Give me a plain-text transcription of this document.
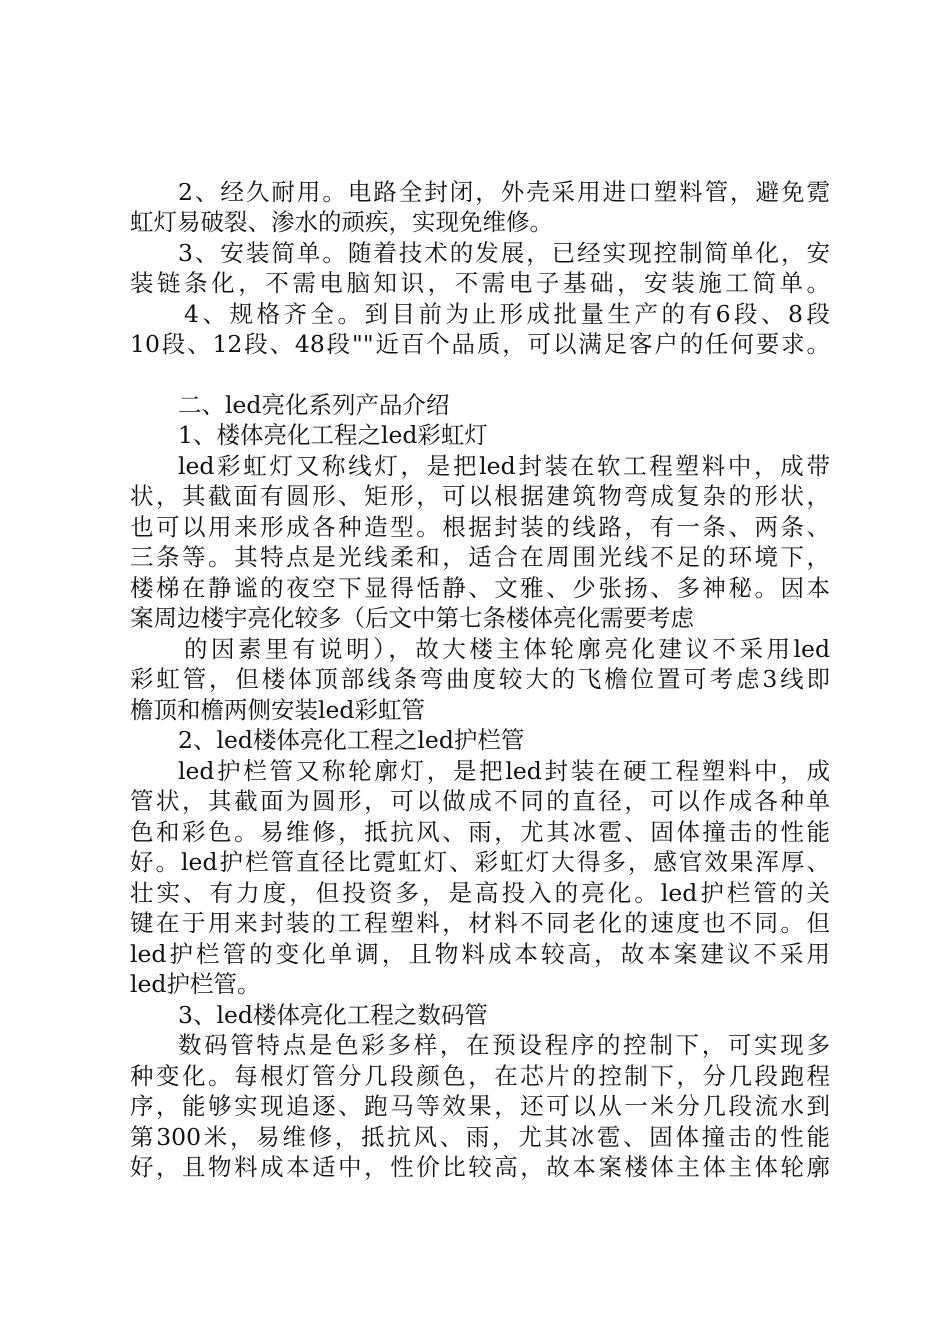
2、经久耐用。电路全封闭，外壳采用进口塑料管，避免霓
虹灯易破裂、渗水的顽疾，实现免维修。
3、安装简单。随着技术的发展，已经实现控制简单化，安
装链条化，不需电脑知识，不需电子基础，安装施工简单。
4、规格齐全。到目前为止形成批量生产的有6段、8段
10段、12段、48段""近百个品质，可以满足客户的任何要求。
二、led亮化系列产品介绍
1、楼体亮化工程之led彩虹灯
led彩虹灯又称线灯，是把led封装在软工程塑料中，成带
状，其截面有圆形、矩形，可以根据建筑物弯成复杂的形状，
也可以用来形成各种造型。根据封装的线路，有一条、两条、
三条等。其特点是光线柔和，适合在周围光线不足的环境下，
楼梯在静谧的夜空下显得恬静、文雅、少张扬、多神秘。因本
案周边楼宇亮化较多（后文中第七条楼体亮化需要考虑
的因素里有说明），故大楼主体轮廓亮化建议不采用led
彩虹管，但楼体顶部线条弯曲度较大的飞檐位置可考虑3线即
檐顶和檐两侧安装led彩虹管
2、led楼体亮化工程之led护栏管
led护栏管又称轮廓灯，是把led封装在硬工程塑料中，成
管状，其截面为圆形，可以做成不同的直径，可以作成各种单
色和彩色。易维修，抵抗风、雨，尤其冰雹、固体撞击的性能
好。led护栏管直径比霓虹灯、彩虹灯大得多，感官效果浑厚、
壮实、有力度，但投资多，是高投入的亮化。led护栏管的关
键在于用来封装的工程塑料，材料不同老化的速度也不同。但
led护栏管的变化单调，且物料成本较高，故本案建议不采用
led护栏管。
3、led楼体亮化工程之数码管
数码管特点是色彩多样，在预设程序的控制下，可实现多
种变化。每根灯管分几段颜色，在芯片的控制下，分几段跑程
序，能够实现追逐、跑马等效果，还可以从一米分几段流水到
第300米，易维修，抵抗风、雨，尤其冰雹、固体撞击的性能
好，且物料成本适中，性价比较高，故本案楼体主体主体轮廓
